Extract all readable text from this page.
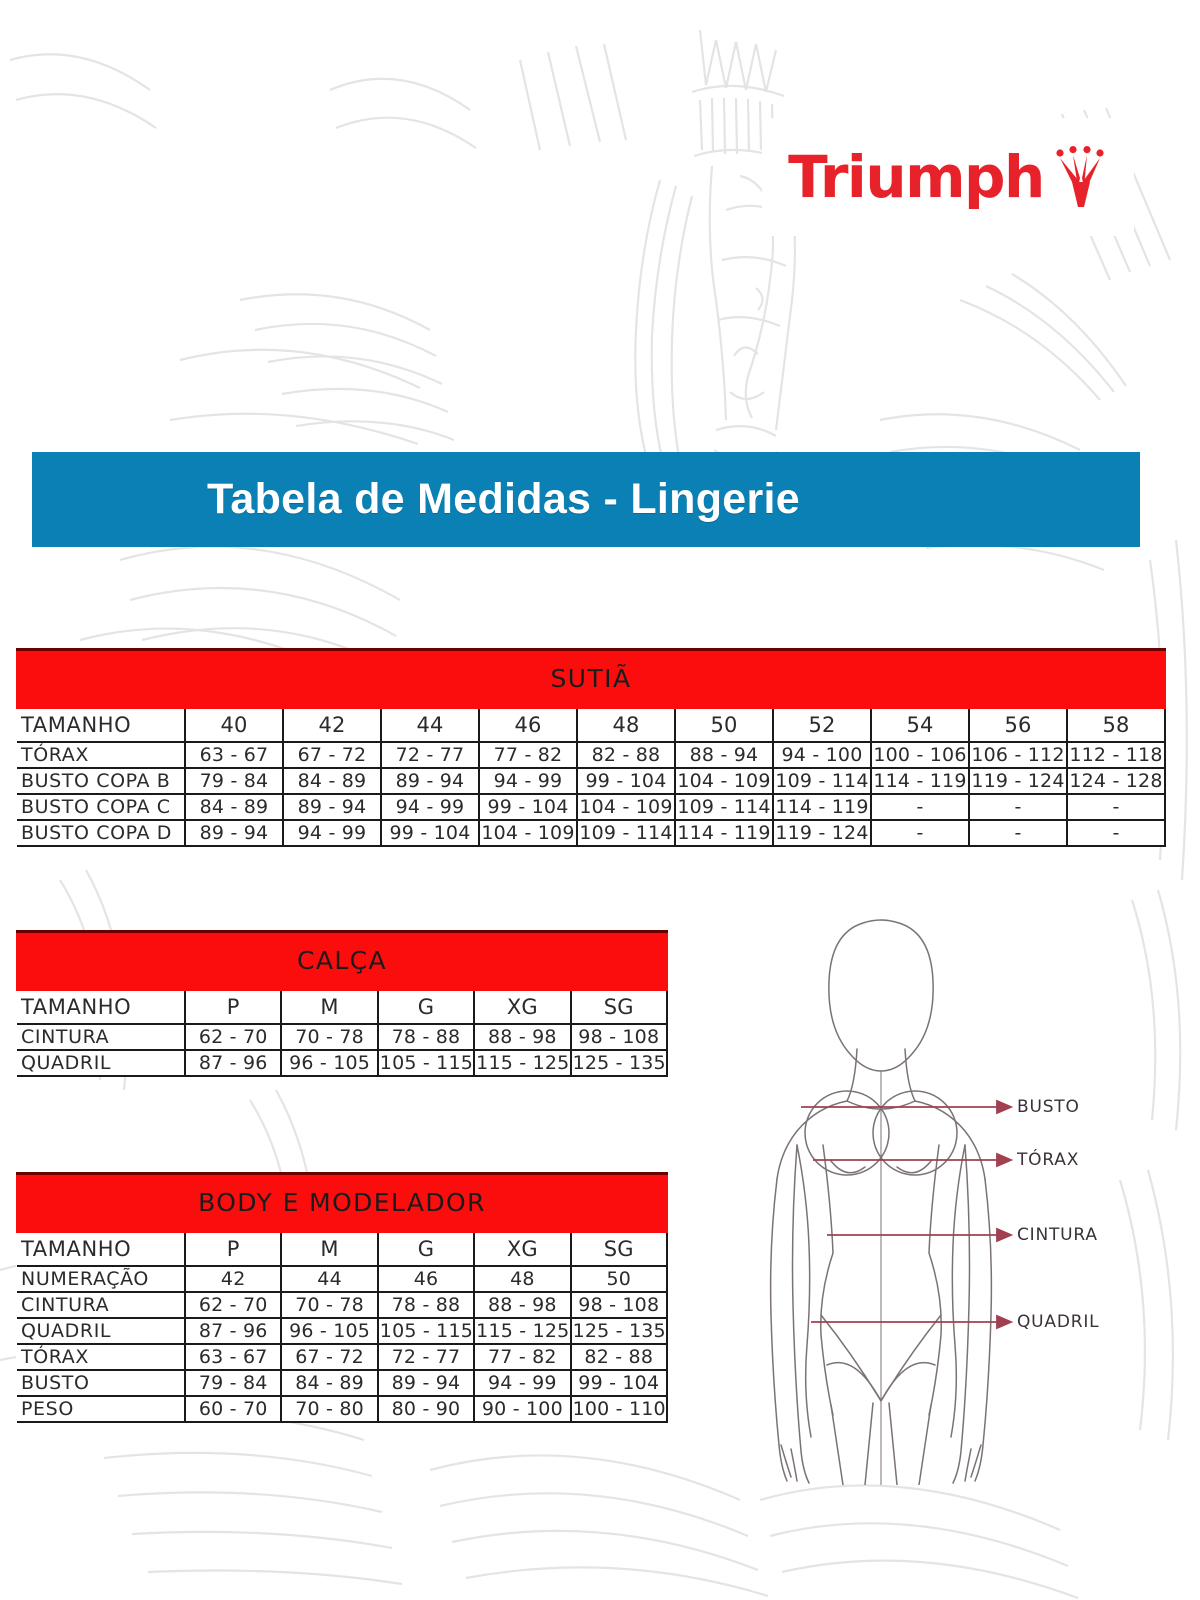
Triumph
Tabela de Medidas - Lingerie
SUTIÃ										
TAMANHO	40	42	44	46	48	50	52	54	56	58
TÓRAX	63 - 67	67 - 72	72 - 77	77 - 82	82 - 88	88 - 94	94 - 100	100 - 106	106 - 112	112 - 118
BUSTO COPA B	79 - 84	84 - 89	89 - 94	94 - 99	99 - 104	104 - 109	109 - 114	114 - 119	119 - 124	124 - 128
BUSTO COPA C	84 - 89	89 - 94	94 - 99	99 - 104	104 - 109	109 - 114	114 - 119	-	-	-
BUSTO COPA D	89 - 94	94 - 99	99 - 104	104 - 109	109 - 114	114 - 119	119 - 124	-	-	-
CALÇA					
TAMANHO	P	M	G	XG	SG
CINTURA	62 - 70	70 - 78	78 - 88	88 - 98	98 - 108
QUADRIL	87 - 96	96 - 105	105 - 115	115 - 125	125 - 135
BODY E MODELADOR					
TAMANHO	P	M	G	XG	SG
NUMERAÇÃO	42	44	46	48	50
CINTURA	62 - 70	70 - 78	78 - 88	88 - 98	98 - 108
QUADRIL	87 - 96	96 - 105	105 - 115	115 - 125	125 - 135
TÓRAX	63 - 67	67 - 72	72 - 77	77 - 82	82 - 88
BUSTO	79 - 84	84 - 89	89 - 94	94 - 99	99 - 104
PESO	60 - 70	70 - 80	80 - 90	90 - 100	100 - 110
BUSTO
TÓRAX
CINTURA
QUADRIL
